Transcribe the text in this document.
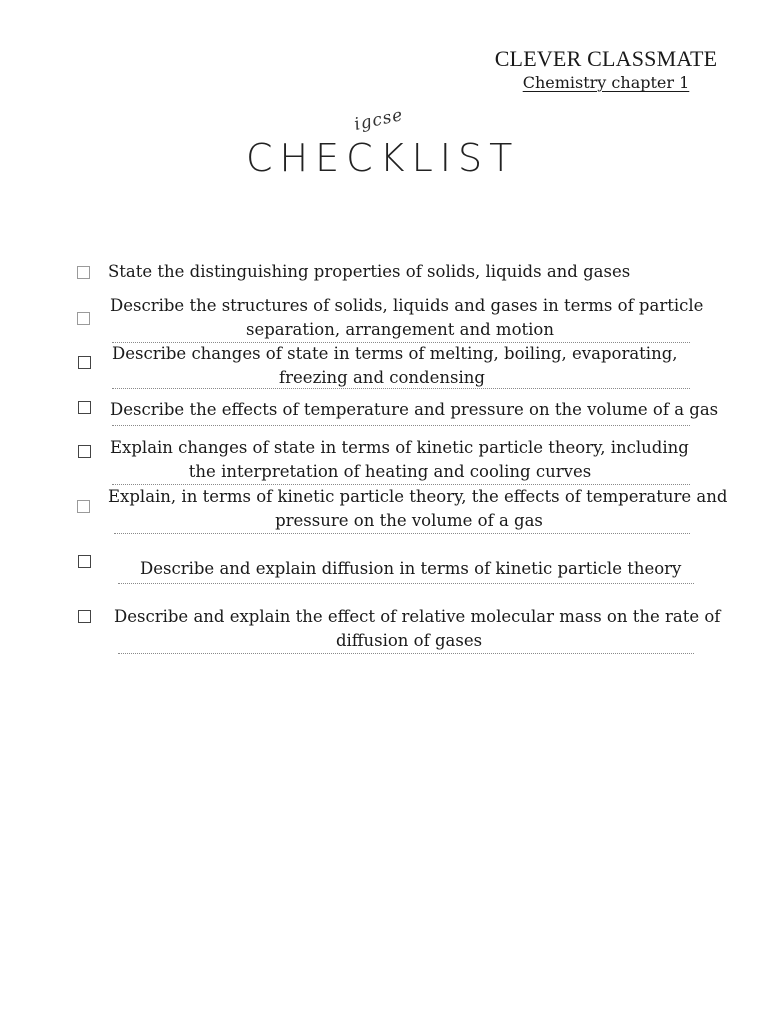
CLEVER CLASSMATE
Chemistry chapter 1
igcse
CHECKLIST
State the distinguishing properties of solids, liquids and gases
Describe the structures of solids, liquids and gases in terms of particle
separation, arrangement and motion
Describe changes of state in terms of melting, boiling, evaporating,
freezing and condensing
Describe the effects of temperature and pressure on the volume of a gas
Explain changes of state in terms of kinetic particle theory, including
the interpretation of heating and cooling curves
Explain, in terms of kinetic particle theory, the effects of temperature and
pressure on the volume of a gas
Describe and explain diffusion in terms of kinetic particle theory
Describe and explain the effect of relative molecular mass on the rate of
diffusion of gases
